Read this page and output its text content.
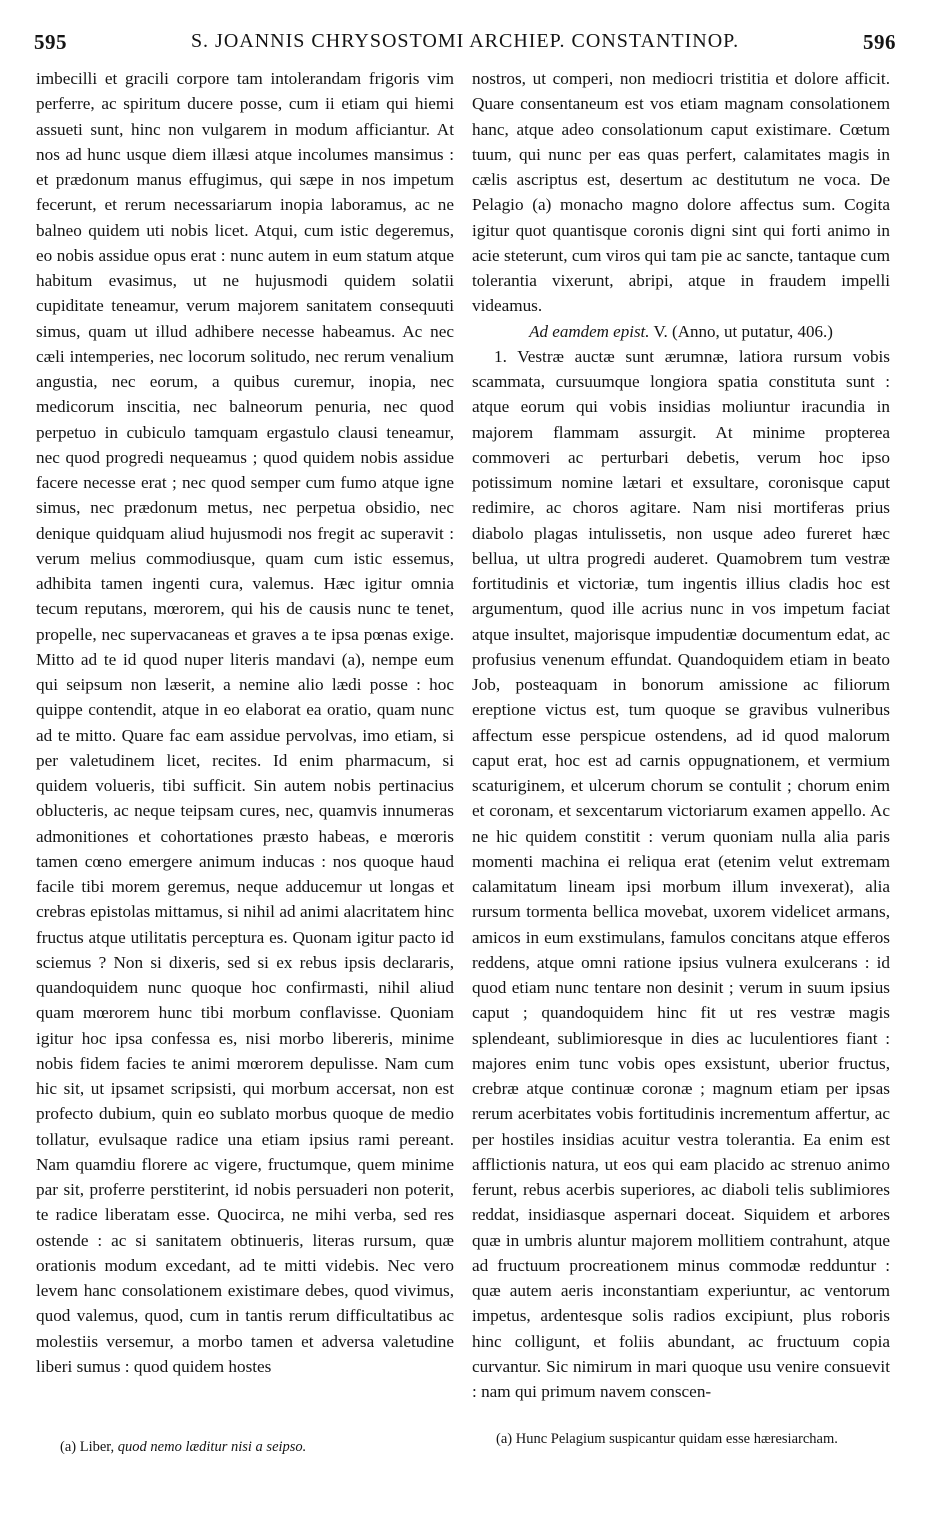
595	S. JOANNIS CHRYSOSTOMI ARCHIEP. CONSTANTINOP.	596

imbecilli et gracili corpore tam intolerandam frigoris vim perferre, ac spiritum ducere posse, cum ii etiam qui hiemi assueti sunt, hinc non vulgarem in modum afficiantur. At nos ad hunc usque diem illæsi atque incolumes mansimus : et prædonum manus effugimus, qui sæpe in nos impetum fecerunt, et rerum necessariarum inopia laboramus, ac ne balneo quidem uti nobis licet. Atqui, cum istic degeremus, eo nobis assidue opus erat : nunc autem in eum statum atque habitum evasimus, ut ne hujusmodi quidem solatii cupiditate teneamur, verum majorem sanitatem consequuti simus, quam ut illud adhibere necesse habeamus. Ac nec cæli intemperies, nec locorum solitudo, nec rerum venalium angustia, nec eorum, a quibus curemur, inopia, nec medicorum inscitia, nec balneorum penuria, nec quod perpetuo in cubiculo tamquam ergastulo clausi teneamur, nec quod progredi nequeamus ; quod quidem nobis assidue facere necesse erat ; nec quod semper cum fumo atque igne simus, nec prædonum metus, nec perpetua obsidio, nec denique quidquam aliud hujusmodi nos fregit ac superavit : verum melius commodiusque, quam cum istic essemus, adhibita tamen ingenti cura, valemus. Hæc igitur omnia tecum reputans, mœrorem, qui his de causis nunc te tenet, propelle, nec supervacaneas et graves a te ipsa pœnas exige. Mitto ad te id quod nuper literis mandavi (a), nempe eum qui seipsum non læserit, a nemine alio lædi posse : hoc quippe contendit, atque in eo elaborat ea oratio, quam nunc ad te mitto. Quare fac eam assidue pervolvas, imo etiam, si per valetudinem licet, recites. Id enim pharmacum, si quidem volueris, tibi sufficit. Sin autem nobis pertinacius oblucteris, ac neque teipsam cures, nec, quamvis innumeras admonitiones et cohortationes præsto habeas, e mœroris tamen cœno emergere animum inducas : nos quoque haud facile tibi morem geremus, neque adducemur ut longas et crebras epistolas mittamus, si nihil ad animi alacritatem hinc fructus atque utilitatis perceptura es. Quonam igitur pacto id sciemus ? Non si dixeris, sed si ex rebus ipsis declararis, quandoquidem nunc quoque hoc confirmasti, nihil aliud quam mœrorem hunc tibi morbum conflavisse. Quoniam igitur hoc ipsa confessa es, nisi morbo libereris, minime nobis fidem facies te animi mœrorem depulisse. Nam cum hic sit, ut ipsamet scripsisti, qui morbum accersat, non est profecto dubium, quin eo sublato morbus quoque de medio tollatur, evulsaque radice una etiam ipsius rami pereant. Nam quamdiu florere ac vigere, fructumque, quem minime par sit, proferre perstiterint, id nobis persuaderi non poterit, te radice liberatam esse. Quocirca, ne mihi verba, sed res ostende : ac si sanitatem obtinueris, literas rursum, quæ orationis modum excedant, ad te mitti videbis. Nec vero levem hanc consolationem existimare debes, quod vivimus, quod valemus, quod, cum in tantis rerum difficultatibus ac molestiis versemur, a morbo tamen et adversa valetudine liberi sumus : quod quidem hostes

nostros, ut comperi, non mediocri tristitia et dolore afficit. Quare consentaneum est vos etiam magnam consolationem hanc, atque adeo consolationum caput existimare. Cœtum tuum, qui nunc per eas quas perfert, calamitates magis in cælis ascriptus est, desertum ac destitutum ne voca. De Pelagio (a) monacho magno dolore affectus sum. Cogita igitur quot quantisque coronis digni sint qui forti animo in acie steterunt, cum viros qui tam pie ac sancte, tantaque cum tolerantia vixerunt, abripi, atque in fraudem impelli videamus.

Ad eamdem epist. V. (Anno, ut putatur, 406.)

1. Vestræ auctæ sunt ærumnæ, latiora rursum vobis scammata, cursuumque longiora spatia constituta sunt : atque eorum qui vobis insidias moliuntur iracundia in majorem flammam assurgit. At minime propterea commoveri ac perturbari debetis, verum hoc ipso potissimum nomine lætari et exsultare, coronisque caput redimire, ac choros agitare. Nam nisi mortiferas prius diabolo plagas intulissetis, non usque adeo fureret hæc bellua, ut ultra progredi auderet. Quamobrem tum vestræ fortitudinis et victoriæ, tum ingentis illius cladis hoc est argumentum, quod ille acrius nunc in vos impetum faciat atque insultet, majorisque impudentiæ documentum edat, ac profusius venenum effundat. Quandoquidem etiam in beato Job, posteaquam in bonorum amissione ac filiorum ereptione victus est, tum quoque se gravibus vulneribus affectum esse perspicue ostendens, ad id quod malorum caput erat, hoc est ad carnis oppugnationem, et vermium scaturiginem, et ulcerum chorum se contulit ; chorum enim et coronam, et sexcentarum victoriarum examen appello. Ac ne hic quidem constitit : verum quoniam nulla alia paris momenti machina ei reliqua erat (etenim velut extremam calamitatum lineam ipsi morbum illum invexerat), alia rursum tormenta bellica movebat, uxorem videlicet armans, amicos in eum exstimulans, famulos concitans atque efferos reddens, atque omni ratione ipsius vulnera exulcerans : id quod etiam nunc tentare non desinit ; verum in suum ipsius caput ; quandoquidem hinc fit ut res vestræ magis splendeant, sublimioresque in dies ac luculentiores fiant : majores enim tunc vobis opes exsistunt, uberior fructus, crebræ atque continuæ coronæ ; magnum etiam per ipsas rerum acerbitates vobis fortitudinis incrementum affertur, ac per hostiles insidias acuitur vestra tolerantia. Ea enim est afflictionis natura, ut eos qui eam placido ac strenuo animo ferunt, rebus acerbis superiores, ac diaboli telis sublimiores reddat, insidiasque aspernari doceat. Siquidem et arbores quæ in umbris aluntur majorem mollitiem contrahunt, atque ad fructuum procreationem minus commodæ redduntur : quæ autem aeris inconstantiam experiuntur, ac ventorum impetus, ardentesque solis radios excipiunt, plus roboris hinc colligunt, et foliis abundant, ac fructuum copia curvantur. Sic nimirum in mari quoque usu venire consuevit : nam qui primum navem conscen-

(a) Liber, quod nemo læditur nisi a seipso.	(a) Hunc Pelagium suspicantur quidam esse hæresiarcham.
